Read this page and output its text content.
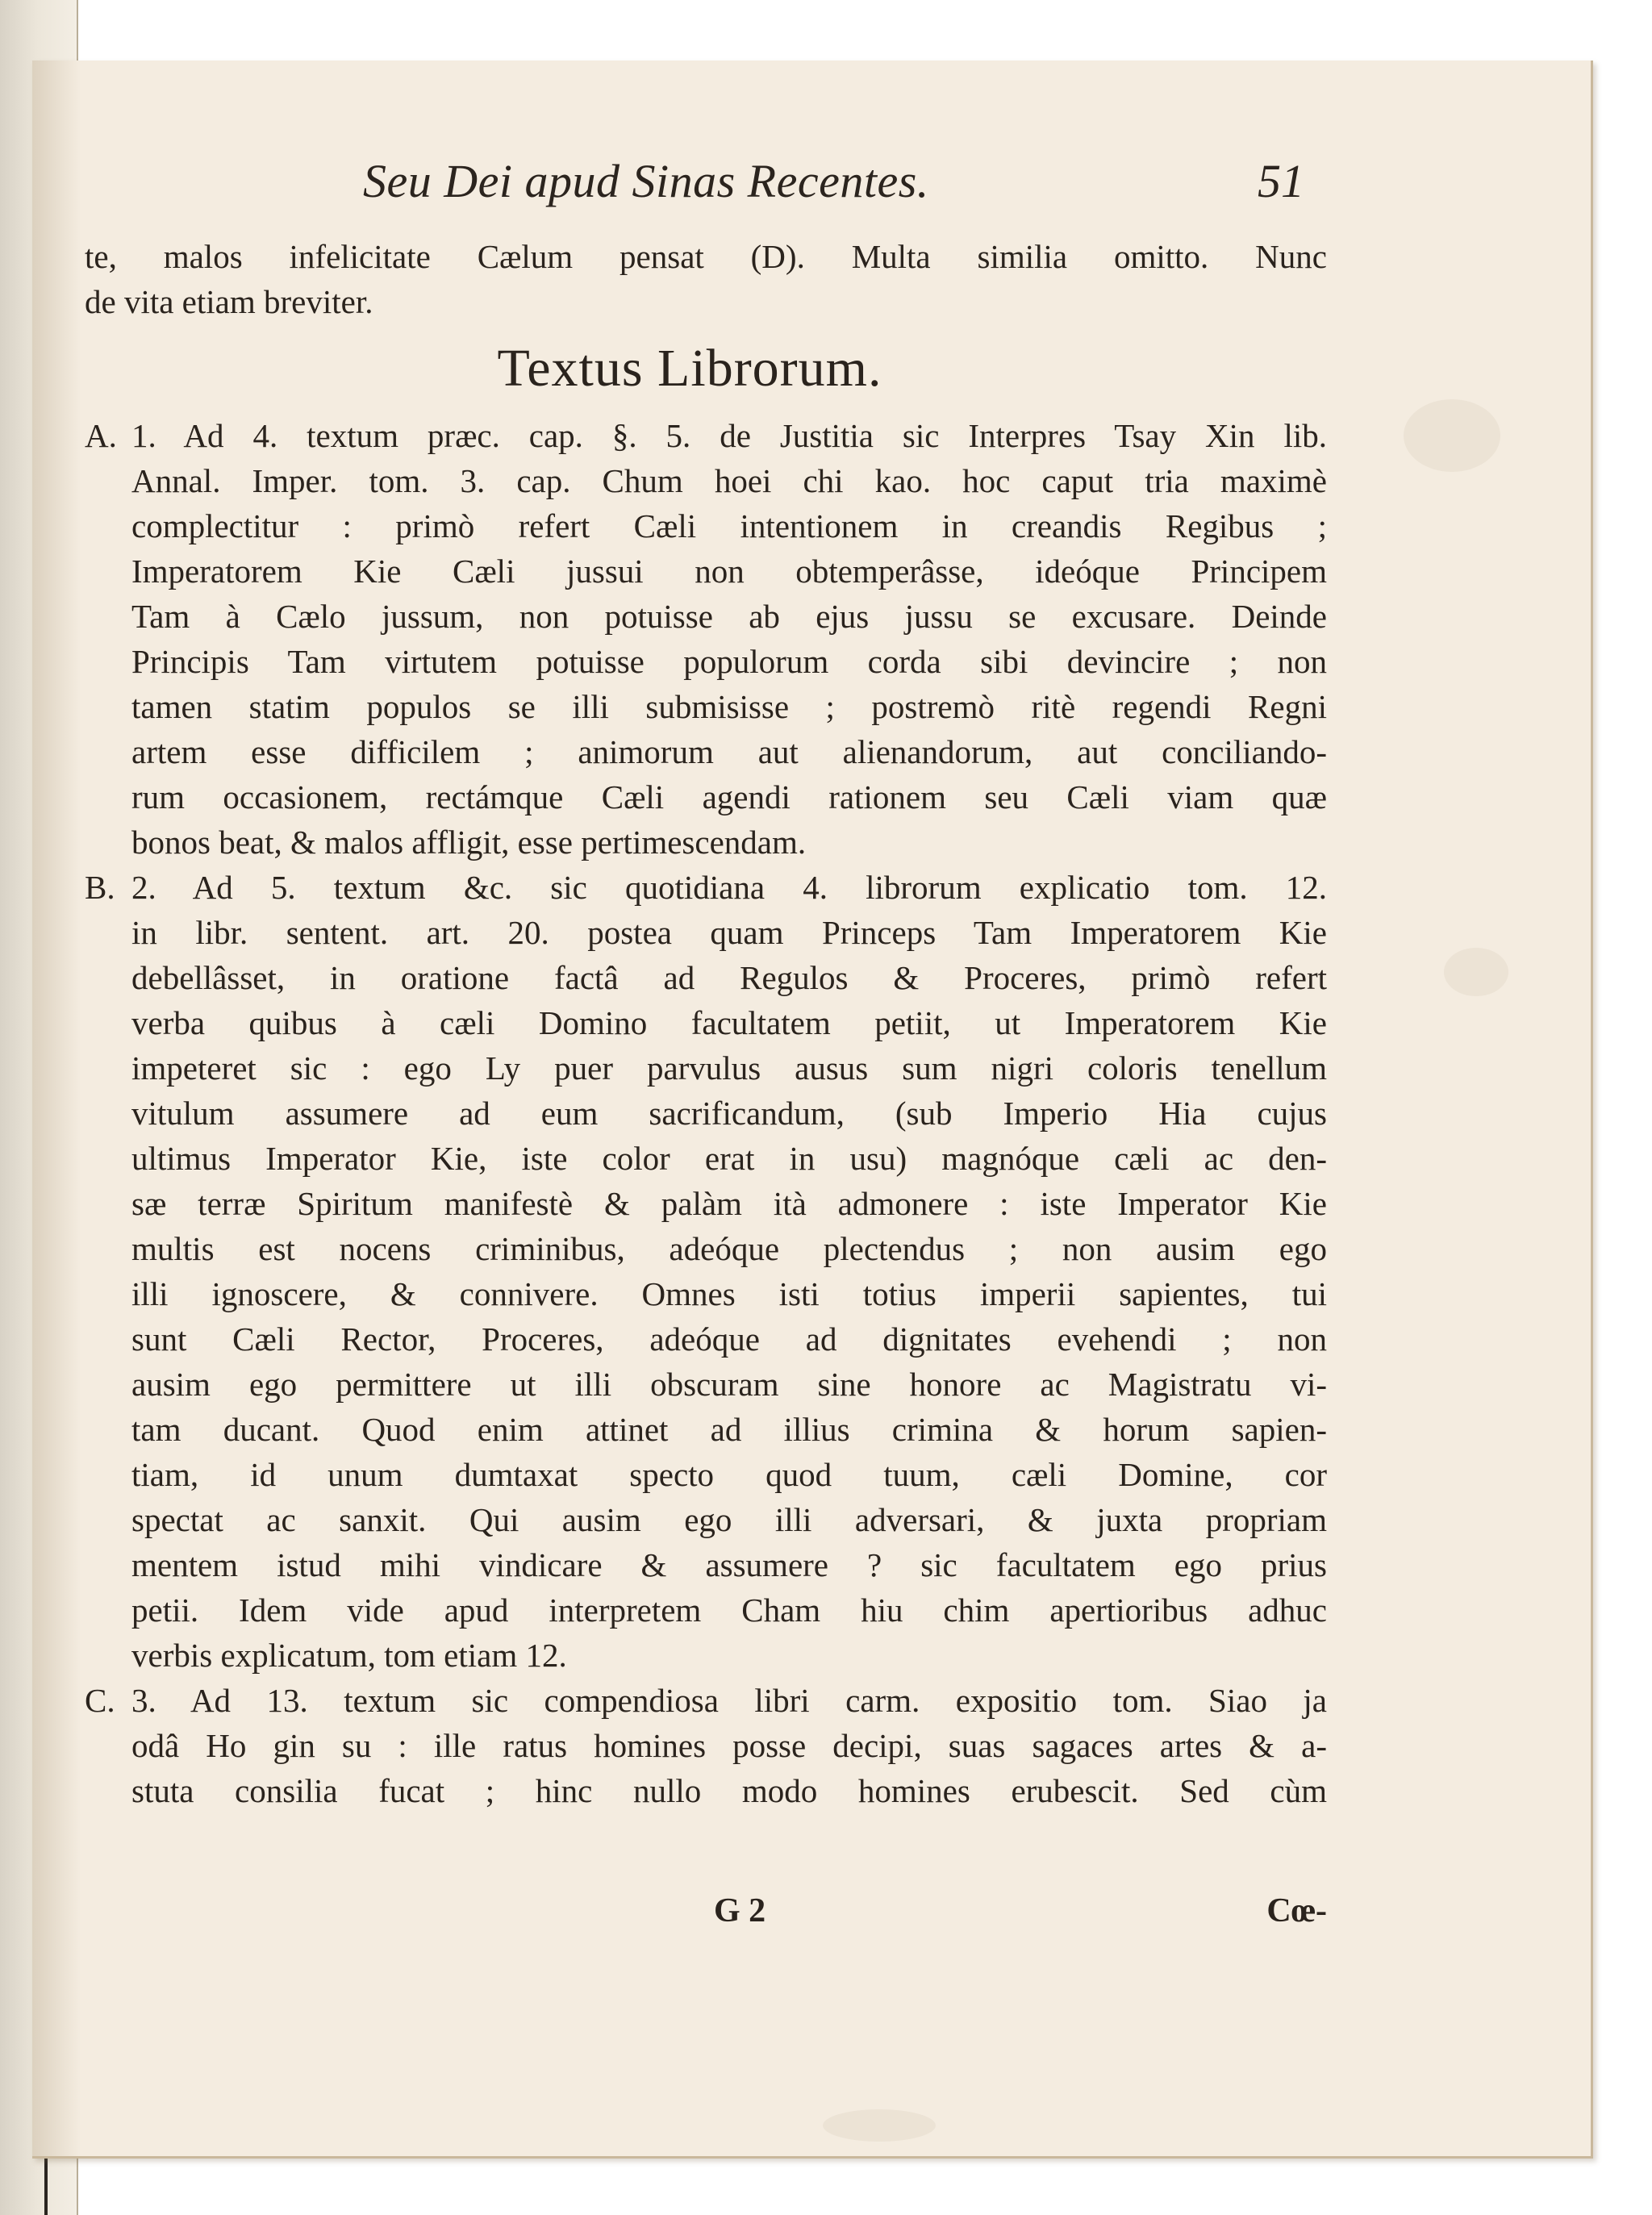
Seu Dei apud Sinas Recentes.	51
te, malos infelicitate Cælum pensat (D). Multa similia omitto. Nunc
de vita etiam breviter.
Textus Librorum.
A. 1. Ad 4. textum præc. cap. §. 5. de Justitia sic Interpres Tsay Xin lib.
Annal. Imper. tom. 3. cap. Chum hoei chi kao. hoc caput tria maximè
complectitur : primò refert Cæli intentionem in creandis Regibus ;
Imperatorem Kie Cæli jussui non obtemperâsse, ideóque Principem
Tam à Cælo jussum, non potuisse ab ejus jussu se excusare. Deinde
Principis Tam virtutem potuisse populorum corda sibi devincire ; non
tamen statim populos se illi submisisse ; postremò ritè regendi Regni
artem esse difficilem ; animorum aut alienandorum, aut conciliando-
rum occasionem, rectámque Cæli agendi rationem seu Cæli viam quæ
bonos beat, & malos affligit, esse pertimescendam.
B. 2. Ad 5. textum &c. sic quotidiana 4. librorum explicatio tom. 12.
in libr. sentent. art. 20. postea quam Princeps Tam Imperatorem Kie
debellâsset, in oratione factâ ad Regulos & Proceres, primò refert
verba quibus à cæli Domino facultatem petiit, ut Imperatorem Kie
impeteret sic : ego Ly puer parvulus ausus sum nigri coloris tenellum
vitulum assumere ad eum sacrificandum, (sub Imperio Hia cujus
ultimus Imperator Kie, iste color erat in usu) magnóque cæli ac den-
sæ terræ Spiritum manifestè & palàm ità admonere : iste Imperator Kie
multis est nocens criminibus, adeóque plectendus ; non ausim ego
illi ignoscere, & connivere. Omnes isti totius imperii sapientes, tui
sunt Cæli Rector, Proceres, adeóque ad dignitates evehendi ; non
ausim ego permittere ut illi obscuram sine honore ac Magistratu vi-
tam ducant. Quod enim attinet ad illius crimina & horum sapien-
tiam, id unum dumtaxat specto quod tuum, cæli Domine, cor
spectat ac sanxit. Qui ausim ego illi adversari, & juxta propriam
mentem istud mihi vindicare & assumere ? sic facultatem ego prius
petii. Idem vide apud interpretem Cham hiu chim apertioribus adhuc
verbis explicatum, tom etiam 12.
C. 3. Ad 13. textum sic compendiosa libri carm. expositio tom. Siao ja
odâ Ho gin su : ille ratus homines posse decipi, suas sagaces artes & a-
stuta consilia fucat ; hinc nullo modo homines erubescit. Sed cùm
G 2	Cœ-
